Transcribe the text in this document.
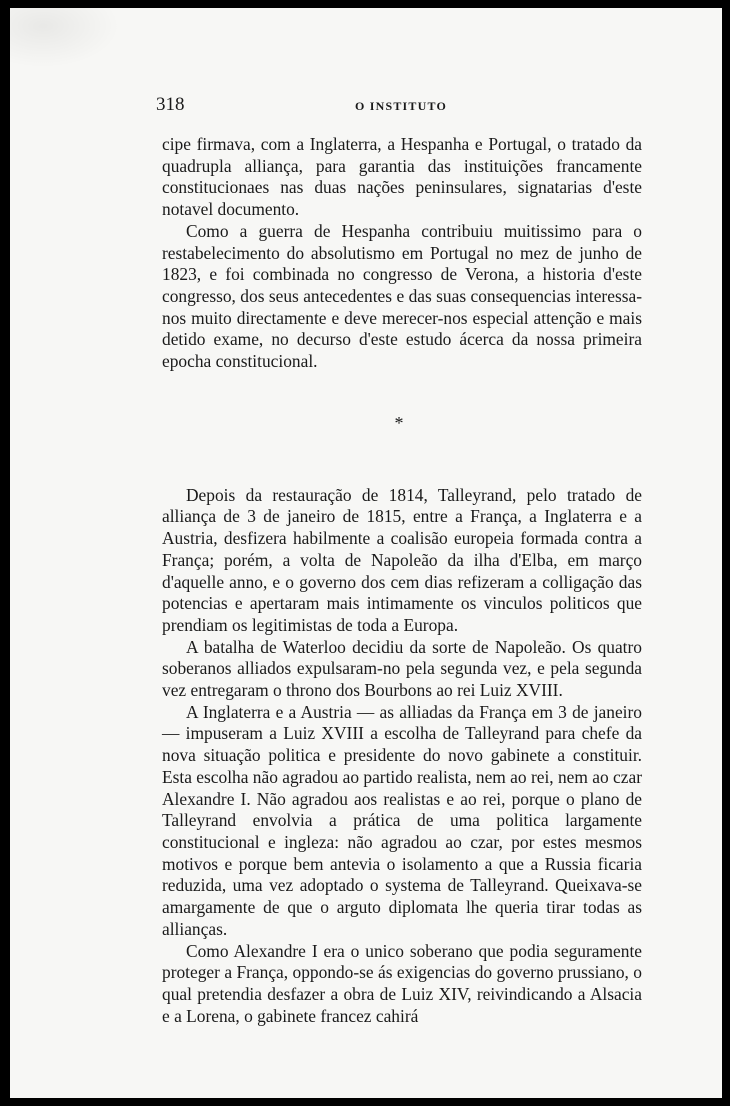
318	O INSTITUTO

cipe firmava, com a Inglaterra, a Hespanha e Portugal, o tratado da quadrupla alliança, para garantia das instituições francamente constitucionaes nas duas nações peninsulares, signatarias d'este notavel documento.

Como a guerra de Hespanha contribuiu muitissimo para o restabelecimento do absolutismo em Portugal no mez de junho de 1823, e foi combinada no congresso de Verona, a historia d'este congresso, dos seus antecedentes e das suas consequencias interessa-nos muito directamente e deve merecer-nos especial attenção e mais detido exame, no decurso d'este estudo ácerca da nossa primeira epocha constitucional.

*

Depois da restauração de 1814, Talleyrand, pelo tratado de alliança de 3 de janeiro de 1815, entre a França, a Inglaterra e a Austria, desfizera habilmente a coalisão europeia formada contra a França; porém, a volta de Napoleão da ilha d'Elba, em março d'aquelle anno, e o governo dos cem dias refizeram a colligação das potencias e apertaram mais intimamente os vinculos politicos que prendiam os legitimistas de toda a Europa.

A batalha de Waterloo decidiu da sorte de Napoleão. Os quatro soberanos alliados expulsaram-no pela segunda vez, e pela segunda vez entregaram o throno dos Bourbons ao rei Luiz XVIII.

A Inglaterra e a Austria — as alliadas da França em 3 de janeiro — impuseram a Luiz XVIII a escolha de Talleyrand para chefe da nova situação politica e presidente do novo gabinete a constituir. Esta escolha não agradou ao partido realista, nem ao rei, nem ao czar Alexandre I. Não agradou aos realistas e ao rei, porque o plano de Talleyrand envolvia a prática de uma politica largamente constitucional e ingleza: não agradou ao czar, por estes mesmos motivos e porque bem antevia o isolamento a que a Russia ficaria reduzida, uma vez adoptado o systema de Talleyrand. Queixava-se amargamente de que o arguto diplomata lhe queria tirar todas as allianças.

Como Alexandre I era o unico soberano que podia seguramente proteger a França, oppondo-se ás exigencias do governo prussiano, o qual pretendia desfazer a obra de Luiz XIV, reivindicando a Alsacia e a Lorena, o gabinete francez cahirá
